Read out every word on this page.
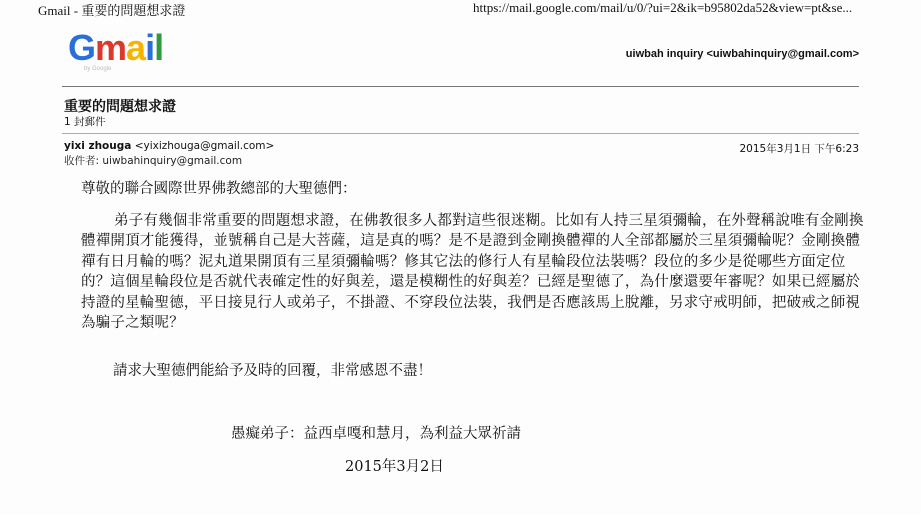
Gmail - 重要的問題想求證	https://mail.google.com/mail/u/0/?ui=2&ik=b95802da52&view=pt&se...
Gmail
by Google
uiwbah inquiry <uiwbahinquiry@gmail.com>
重要的問題想求證
1 封郵件
yixi zhouga <yixizhouga@gmail.com>
收件者: uiwbahinquiry@gmail.com
2015年3月1日 下午6:23
尊敬的聯合國際世界佛教總部的大聖德們：
弟子有幾個非常重要的問題想求證，在佛教很多人都對這些很迷糊。比如有人持三星須彌輪，在外聲稱說唯有金剛換體禪開頂才能獲得，並號稱自己是大菩薩，這是真的嗎？是不是證到金剛換體禪的人全部都屬於三星須彌輪呢？金剛換體禪有日月輪的嗎？泥丸道果開頂有三星須彌輪嗎？修其它法的修行人有星輪段位法裝嗎？段位的多少是從哪些方面定位的？這個星輪段位是否就代表確定性的好與差，還是模糊性的好與差？已經是聖德了，為什麼還要年審呢？如果已經屬於持證的星輪聖德，平日接見行人或弟子，不掛證、不穿段位法裝，我們是否應該馬上脫離，另求守戒明師，把破戒之師視為騙子之類呢？
請求大聖德們能給予及時的回覆，非常感恩不盡！
愚癡弟子：益西卓嘎和慧月，為利益大眾祈請
2015年3月2日
